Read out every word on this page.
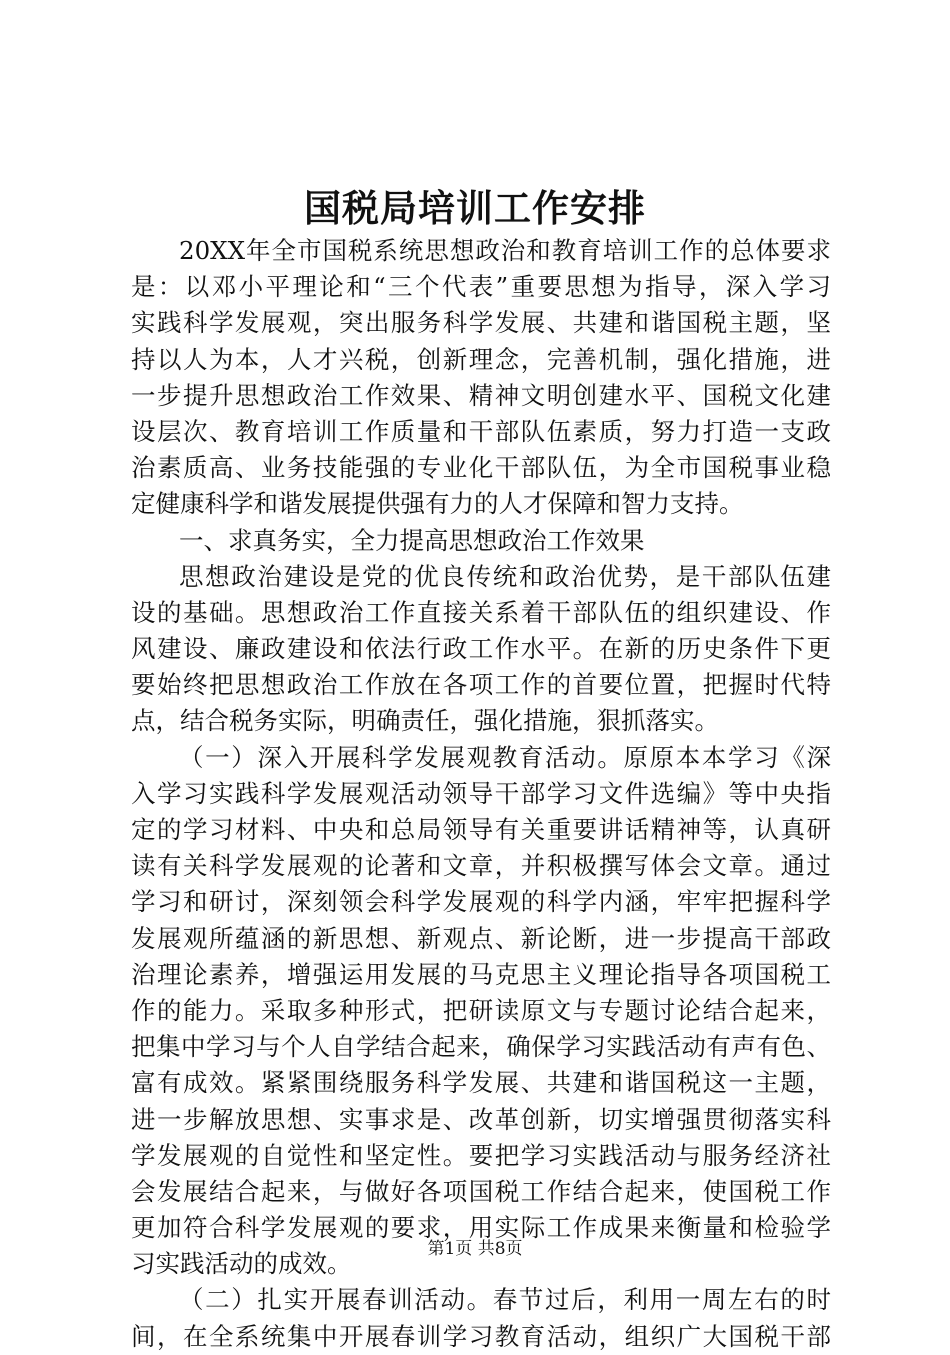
国税局培训工作安排
20XX年全市国税系统思想政治和教育培训工作的总体要求
是：以邓小平理论和“三个代表”重要思想为指导，深入学习
实践科学发展观，突出服务科学发展、共建和谐国税主题，坚
持以人为本，人才兴税，创新理念，完善机制，强化措施，进
一步提升思想政治工作效果、精神文明创建水平、国税文化建
设层次、教育培训工作质量和干部队伍素质，努力打造一支政
治素质高、业务技能强的专业化干部队伍，为全市国税事业稳
定健康科学和谐发展提供强有力的人才保障和智力支持。
一、求真务实，全力提高思想政治工作效果
思想政治建设是党的优良传统和政治优势，是干部队伍建
设的基础。思想政治工作直接关系着干部队伍的组织建设、作
风建设、廉政建设和依法行政工作水平。在新的历史条件下更
要始终把思想政治工作放在各项工作的首要位置，把握时代特
点，结合税务实际，明确责任，强化措施，狠抓落实。
（一）深入开展科学发展观教育活动。原原本本学习《深
入学习实践科学发展观活动领导干部学习文件选编》等中央指
定的学习材料、中央和总局领导有关重要讲话精神等，认真研
读有关科学发展观的论著和文章，并积极撰写体会文章。通过
学习和研讨，深刻领会科学发展观的科学内涵，牢牢把握科学
发展观所蕴涵的新思想、新观点、新论断，进一步提高干部政
治理论素养，增强运用发展的马克思主义理论指导各项国税工
作的能力。采取多种形式，把研读原文与专题讨论结合起来，
把集中学习与个人自学结合起来，确保学习实践活动有声有色、
富有成效。紧紧围绕服务科学发展、共建和谐国税这一主题，
进一步解放思想、实事求是、改革创新，切实增强贯彻落实科
学发展观的自觉性和坚定性。要把学习实践活动与服务经济社
会发展结合起来，与做好各项国税工作结合起来，使国税工作
更加符合科学发展观的要求，用实际工作成果来衡量和检验学
习实践活动的成效。
（二）扎实开展春训活动。春节过后，利用一周左右的时
间，在全系统集中开展春训学习教育活动，组织广大国税干部
第1页 共8页
